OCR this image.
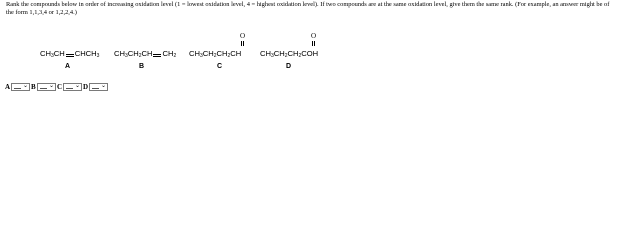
Rank the compounds below in order of increasing oxidation level (1 = lowest oxidation level, 4 = highest oxidation level). If two compounds are at the same oxidation level, give them the same rank. (For example, an answer might be of the form 1,1,3,4 or 1,2,2,4.)
$CH_3CH$ $CHCH_3$
A
$CH_3CH_2CH$ $CH_2$
B
$CH_3CH_2CH_2CH$
O
C
$CH_3CH_2CH_2COH$
O
D
A ⌄ B ⌄ C ⌄ D ⌄
